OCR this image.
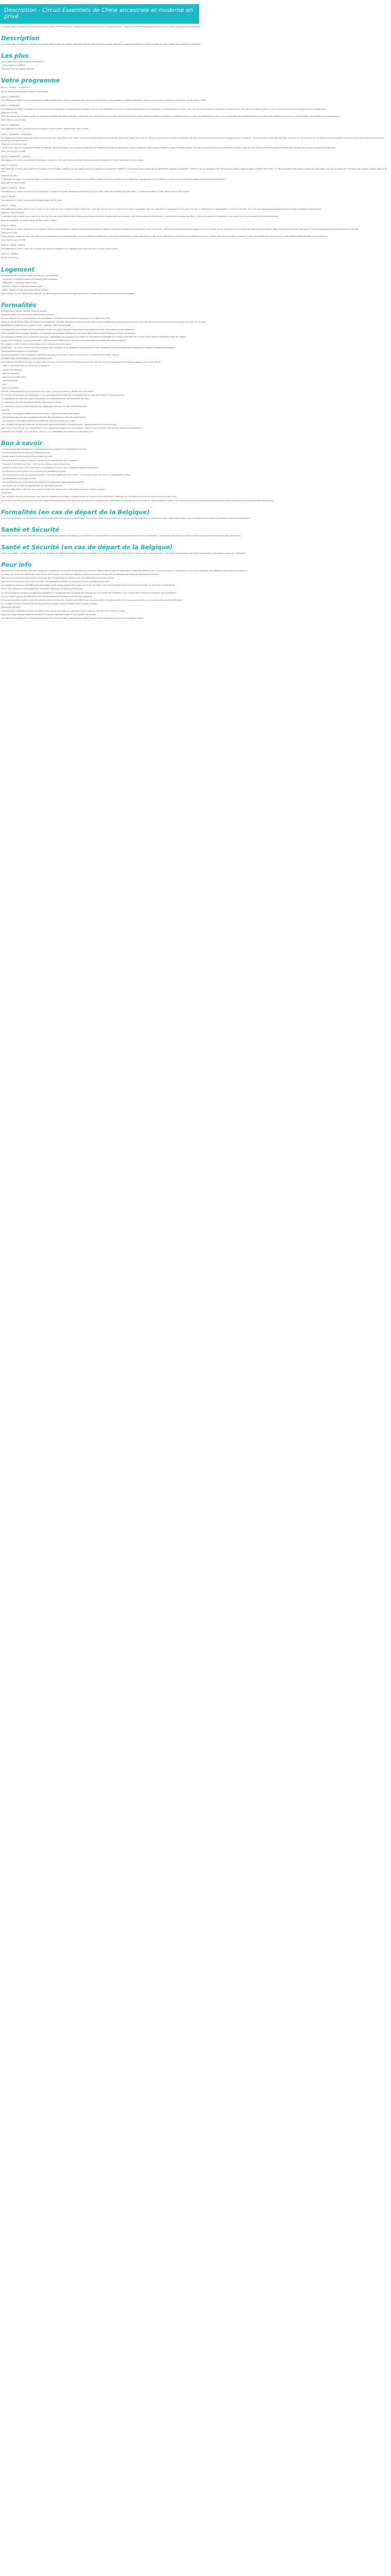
Description - Circuit Essentiels de Chine ancestrale et moderne en privé

Ce voyage offre un panorama complet de la Chine, entre modernité urbaine, paysages naturels majestueux et richesse culturelle. Chaque ville présente un aspect unique du pays, créant une expérience inoubliable.

Description

Ce voyage offre un panorama complet de la Chine, entre modernité urbaine, paysages naturels majestueux et richesse culturelle. Chaque ville présente un aspect unique du pays, créant une expérience inoubliable.

Les plus

Découverte de la Chine ancienne et moderne

3 sites classés à l'UNESCO

Dégustez chez une famille chinoise

Votre programme

JOUR 1 : FRANCE - SHANGHAI

Vol au direction de Shanghai. Repas et nuit à bord.

JOUR 2 : SHANGHAI

Petit-déjeuner à l'hôtel. Arrivée à Shanghai en début d'après-midi, accueil chaleureux par votre guide francophone, puis transfert à l'hôtel et installation. Après-midi libre pour commencer à découvrir la ville. Nuit à l'hôtel.

JOUR 3 : SHANGHAI

Petit-déjeuner à l'hôtel. Puis départ pour une visite immersive dans la mégalopole de Shanghai. Une ville époustouflante dont deux mondes, deux époques sont juxtaposés. Promenade dans la vieille ville, avec ses rues étroites et ses maisons traditionnelles, puis visite du célèbre Jardin Yu, chef-d'œuvre d'architecture paysagère de la dynastie Ming.

Déjeuner en ville.

Petit promenade sur le fameux Bund, un boulevard bordé de bâtiments coloniaux, offrant une vue imprenable sur le quartier moderne de Pudong. Découverte du musée de Shanghai, considéré comme l'un des plus importants de Chine. Vous apprécierez l'art traditionnel chinois à travers ses collections de bronzes, de céramiques, de peintures et de calligraphies.

Dîner libre et nuit à l'hôtel.

JOUR 4 : SHANGHAI

Petit-déjeuner à l'hôtel. Journée libre pour explorer à votre rythme. Repas libres. Nuit à l'hôtel.

JOUR 5 : SHANGHAI - HANGZHOU

Petit-déjeuner à l'hôtel. Départ en TGV pour Hangzhou, qui, selon Marco Polo, était l'une des plus splendides villes au monde. Cette ville célèbre pour son lac, classé au patrimoine mondial de l'UNESCO, est aussi connue pour la culture du thé Longjing (puits du dragon), l'un des meilleurs thés verts de Chine. Croisière en bateau sur le lac de l'Ouest puis promenade à pied le long des digues jalonnées de saules pleureurs et de ponts en arc.

Déjeuner en cours de visite.

L'après-midi, visite de la plantation de thé de Meijiawu, dans les collines, où vous pourrez découvrir les différentes étapes de fabrication du thé et déguster cette boisson millénaire. Visite du temple Lingyin, l'un des plus grands temples bouddhistes de Chine, fondé en 328, et découverte des grottes de Feilai Feng abritant plus de 300 sculptures bouddhiques.

Dîner libre et nuit à l'hôtel.

JOUR 6 : HANGZHOU - SUZHOU

Petit-déjeuner à l'hôtel. Journée libre à Hangzhou. Départ en TGV pour Suzhou. Arrivée à Suzhou, accueil et transfert à l'hôtel. Dîner libre et nuit à l'hôtel.

JOUR 7 : SUZHOU

Petit-déjeuner à l'hôtel. Découverte de la paisible ville de Suzhou célèbre pour ses jardins inscrits au patrimoine mondial de l'UNESCO. Ces jardins privés, construits aux différentes époques dynastiques, reflètent l'art du paysage et de l'architecture chinois. Visite du Jardin du Maître des Filets, l'un des plus petits mais aussi l'un des plus charmants, ainsi que du Jardin de la Politique des Simples, le plus vaste de la ville.

Déjeuner en ville.

Promenade en bateau sur le Grand Canal, un réseau de voies navigables qui traverse la ville, offrant un aperçu de la vie quotidienne des habitants. Passage par la rue Pingjiang, ancienne rue commerçante bordée de maisons traditionnelles.

Dîner libre et nuit à l'hôtel.

JOUR 8 : SUZHOU - PEKIN

Petit-déjeuner à l'hôtel. Journée libre et repas libres. Transfert à la gare, embarquez à bord du TGV pour Pékin (selon les horaires). Arrivée à Pékin, accueil et transfert à l'hôtel. Dîner libre et nuit à l'hôtel.

JOUR 9 : PEKIN

Petit-déjeuner à l'hôtel. Journée libre et repas libres. Nuit à l'hôtel.

JOUR 10 : PEKIN

Petit-déjeuner à l'hôtel. Départ pour la visite du site historique de la Grande Muraille à Mutianyu, l'une des sections les plus belles et les mieux conservées, dont la construction a commencé au VIe siècle. Montée en téléphérique et promenade le long de la muraille, avec des vues panoramiques spectaculaires sur les montagnes environnantes.

Déjeuner chez l'habitant.

Continuation par la route vers le site de la Voie Sacrée, une longue allée bordée d'imposantes statues de pierre représentant des animaux, des fonctionnaires et des guerriers, menant aux tombeaux des Ming. Visite du tombeau de Changling, le plus grand et le mieux préservé des treize tombeaux.

Dîner de spécialité : le canard laqué de Pékin. Nuit à l'hôtel.

JOUR 11 : PEKIN

Petit-déjeuner à l'hôtel. Visite de la Cité Interdite, l'ancien palais impérial, classée au patrimoine mondial de l'UNESCO. Avec ses quelques 980 bâtiments et ses 8 700 pièces, c'est le plus grand ensemble de palais en bois au monde, qui fut la résidence de 24 empereurs des dynasties Ming et Qing. Traversée de la place Tian'anmen, l'une des plus grandes places publiques du monde.

Déjeuner en ville.

Découverte du Temple du Ciel, chef-d'œuvre de l'architecture de la dynastie Ming, où les empereurs venaient prier pour de bonnes récoltes. Promenade dans son parc où les habitants se retrouvent pour pratiquer le tai-chi, chanter, jouer de la musique ou danser. Ensuite, promenade dans les hutongs, ruelles traditionnelles de Pékin, en cyclo-pousse.

Dîner libre et nuit à l'hôtel.

JOUR 12 : PEKIN - FRANCE

Petit-déjeuner à l'hôtel. Check-out et temps libre jusqu'au transfert vers l'aéroport pour votre vol vers la France. Repas libres.

JOUR 13 : FRANCE

Arrivée en France.

Logement

Durant le circuit, vous serez logés en hôtels 4* (ou similaires) :

- SHANGHAI : Shanghai Holiday Inn Express Hotel Gongkang

- HANGZHOU : Hangzhou Hanyu Hotel

- SUZHOU : Suzhou Chen ang Chinese Hotel

- PEKIN : Beijing Holiday Inn Express Minzu Temple

Liste d'hôtels communiquée à titre indicatif, les hôtels vous seront confirmés dans le carnet de voyage transmis quelques jours avant le départ.

Formalités

Ressortissants français adultes, bébés et enfants :

Passeport valide au moins 6 mois après la date de retour.

Pour les séjours de 30 jours maximum, les ressortissants français sont exemptés de visa jusqu'au 31 décembre 2025.

Depuis le 1er décembre 2024, les titulaires de passeports ordinaires français en transit en Chine pour transit touristique et tourisme peuvent entrer sans visa sur le territoire chinois pour une durée maximale de 30 jours.

IMPORTANT À COMPTER DU 15 JUILLET 2023 : ARRIVAL CARD OBLIGATOIRE

Les personnes qui se rendent en Chine doivent remplir une carte d'arrivée en ligne avant leur entrée en Chine. Cette démarche est obligatoire.

Cette obligation de formulaire s'applique à l'ensemble des passagers étrangers à l'exclusion des mineurs et des résidents en Chine continentale.

Les formalités d'entrée sont susceptibles d'évoluer. Il appartient aux voyageurs de vérifier les informations actualisées sur le site du Ministère de l'Europe et des Affaires étrangères avant leur départ.

Vous pouvez contacter, si vous le souhaitez, notre partenaire Rapidvisa qui vous accompagnera dans vos démarches (service payant).

Pour rappel : portez toujours votre passeport sur vous pendant votre séjour.

IMPORTANT : Les règles relatives au franchissement des frontières et au passeport peuvent évoluer. Il est conseillé de consulter le site diplomatie.gouv.fr, rubrique Conseils aux voyageurs.

Ressortissants étrangers et binationaux :

Nous vous invitons à vous renseigner auprès des autorités consulaires du pays concerné pour connaître les formalités requises.

INFORMATIONS IMPORTANTES À VOUS COMMUNIQUER :

Des règles de sécurité sont mises en place. Merci de nous communiquer les informations suivantes figurant sur votre passeport pour chaque voyageur, avant votre départ :

- nom(s) / prénom(s) tels qu'inscrits sur le passeport

- numéro de passeport

- date de naissance

- date et lieu de délivrance

- date d'expiration

- sexe

- pays de résidence

Lors de l'enregistrement de ces informations en ligne, nous vous invitons à vérifier leur exactitude.

Si l'une des informations est manquante, il vous sera impossible d'effectuer l'enregistrement et vous serez refusé à l'embarquement.

1. L'adaptation de votre nom dans votre dossier ou à l'embarquement peut entraîner des frais.

2. L'adaptation de votre passeport doit être faite avant le départ.

3. L'utilisation d'un document d'identité non valide peut entraîner un refus d'embarquement.

À NOTER

- Si le nom d'un voyageur diffère sur les documents, l'accès à bord peut être refusé.

- Les mentions figurant dans le passeport doivent être identiques à celles de la réservation.

- Les voyageurs sont responsables de la validité de leurs documents de voyage.

Tout voyageur ne pouvant présenter de document valide sera refusé à l'embarquement, sans possibilité de remboursement.

Nous vous remercions de nous transmettre le plus rapidement possible ces informations, afin que nous puissions effectuer les démarches nécessaires.

COURANT ÉLECTRIQUE : 220 V et 50 Hz. Type A, C et I. Adaptateur nécessaire pour les prises A et I.

Bon à savoir

- Programme privatif réalisable de 2 participants et par groupe de 10 participants maximum.

- Guide local francophone selon les étapes du circuit.

- Guides locaux francophones à chaque étape (en ville).

- Services d'accueil, prise en charge et transferts en véhicule privé avec chauffeur.

- Transport à l'intérieur de Chine : TGV et vols intérieurs selon programme.

- Certaines visites peuvent être modifiées ou inversées en fonction des conditions locales et des horaires.

- Les pourboires sont à prévoir en Chine pour les chauffeurs et guides.

- Tous les musées et sites sont fermés le lundi. L'ordre des visites peut être modifié. Il n'est pas possible de visiter la Cité Interdite le lundi.

- Les assurances ne sont pas incluses.

- Les modifications du programme sont possibles sur demande et selon les disponibilités.

- Les horaires de vol des compagnies sont donnés à titre indicatif.

Lors de la réservation, merci de nous indiquer la date de naissance et la nationalité exacte de chaque voyageur.

IMPORTANT :

Il est impératif de nous communiquer une copie du passeport et d'indiquer obligatoirement au moment de la réservation. Faute de quoi les billets d'avion et les visas ne pourront être émis.

Les circuits en Chine sont soumis à certaines réglementations locales. Ces règles peuvent évoluer et entraîner des modifications du programme à tout moment, même pendant le séjour. Les horaires et les jours d'ouverture des sites peuvent être modifiés par les autorités locales sans préavis.

Formalités (en cas de départ de la Belgique)

Pour toute information sur les conditions d'entrée et de séjour dans le pays de destination, nous vous invitons à vous rendre sur le site du ministère des Affaires étrangères belge : https://diplomatie.belgium.be/fr/Services/voyager_a_letranger/conseils_par_destination

Santé et Sécurité

Avant votre départ, veuillez consulter le site du ministère des Affaires étrangères pour connaître les risques sanitaires éventuels que pourrait encourir votre destination : https://www.diplomatie.gouv.fr/fr/conseils-aux-voyageurs/conseils-par-pays-destination/

Santé et Sécurité (en cas de départ de la Belgique)

Avant votre départ, veuillez consulter le site du ministère des Affaires étrangères belge pour connaître les risques sanitaires éventuels que pourrait encourir votre destination : https://diplomatie.belgium.be/fr/Services/voyager_a_letranger/conseils_par_destination

Pour info

Nous tenons à vous préciser que votre voyage est encadré par les normes de sécurité et de confort en vigueur dans le pays de destination. Il peut être différent des normes françaises ou européennes, ce qui peut entraîner des différences de qualité de prestations.

Le niveau de confort des hôtels peut varier d'une ville à l'autre. Les hôtels de catégorie supérieure peuvent ne pas offrir la même qualité de service que ceux en Europe.

Nous vous informons que vous pouvez rencontrer des changements d'horaires ou de vols indépendants de notre volonté.

Nous vous informons que, pour votre sécurité, nos partenaires vérifient vos documents et vos données personnelles.

La circulation à Shanghai et à Pékin est parfois dense et les trajets peuvent être longs aux heures de pointe. Des embouteillages fréquents peuvent entraîner un retard sur le programme.

Prévoir des chaussures confortables pour les visites, beaucoup de visites se font à pied.

En cas d'annulation partielle ou totale d'une prestation, le remboursement ne pourra être effectué que sur la base des prestations non consommées et dans les conditions des prestataires.

Pour les visites, prévoir des vêtements couvrant les épaules et les genoux pour les sites religieux.

Personnes à mobilité réduite : pour de nombreux sites et transports, l'accès reste difficile pour les personnes en fauteuil roulant. Nous vous recommandons de nous consulter avant la réservation.

Les voyageurs mineurs doivent être accompagnés d'un adulte majeur pendant toute la durée du séjour.

PRÉCISION SÉCURITÉ :

Il est fortement conseillé de garder vos effets personnels et vos objets de valeur sur vous ou dans le coffre de votre chambre d'hôtel.

Nous vous remercions de respecter les règles de sécurité des sites visités et les consignes des guides.

Vous êtes responsables de vos effets personnels et des objets de valeur. Nous déclinons toute responsabilité en cas de perte ou de vol pendant le séjour.
